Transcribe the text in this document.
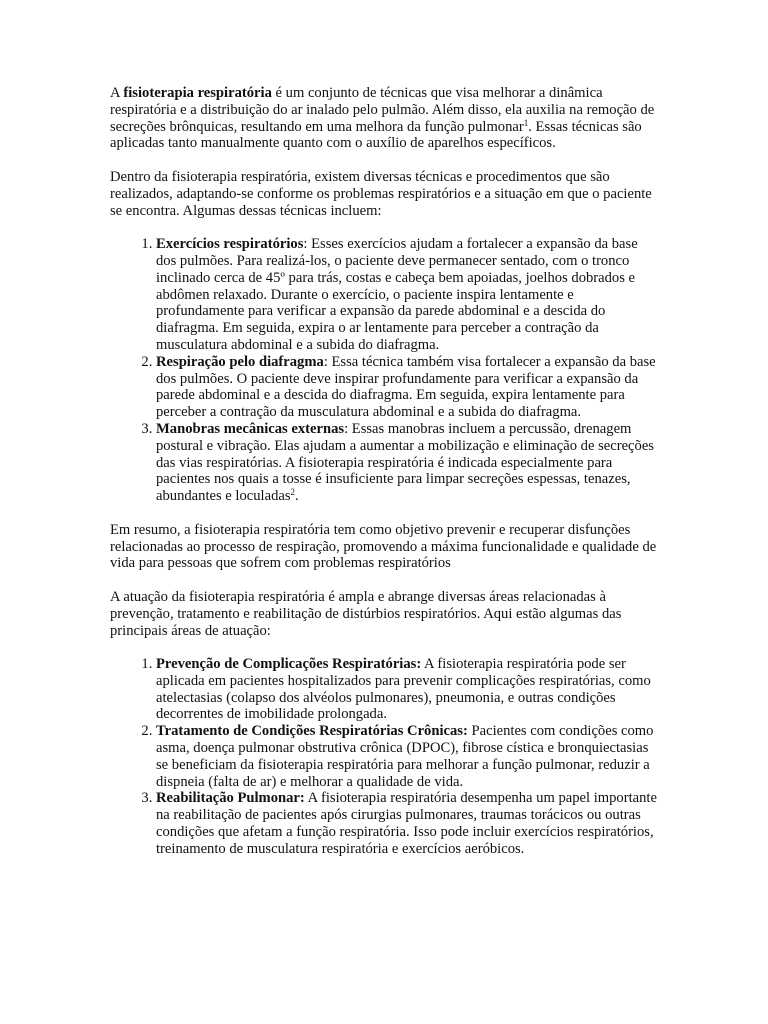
A fisioterapia respiratória é um conjunto de técnicas que visa melhorar a dinâmica respiratória e a distribuição do ar inalado pelo pulmão. Além disso, ela auxilia na remoção de secreções brônquicas, resultando em uma melhora da função pulmonar$^1$. Essas técnicas são aplicadas tanto manualmente quanto com o auxílio de aparelhos específicos.

Dentro da fisioterapia respiratória, existem diversas técnicas e procedimentos que são realizados, adaptando-se conforme os problemas respiratórios e a situação em que o paciente se encontra. Algumas dessas técnicas incluem:

1. Exercícios respiratórios: Esses exercícios ajudam a fortalecer a expansão da base dos pulmões. Para realizá-los, o paciente deve permanecer sentado, com o tronco inclinado cerca de 45º para trás, costas e cabeça bem apoiadas, joelhos dobrados e abdômen relaxado. Durante o exercício, o paciente inspira lentamente e profundamente para verificar a expansão da parede abdominal e a descida do diafragma. Em seguida, expira o ar lentamente para perceber a contração da musculatura abdominal e a subida do diafragma.
2. Respiração pelo diafragma: Essa técnica também visa fortalecer a expansão da base dos pulmões. O paciente deve inspirar profundamente para verificar a expansão da parede abdominal e a descida do diafragma. Em seguida, expira lentamente para perceber a contração da musculatura abdominal e a subida do diafragma.
3. Manobras mecânicas externas: Essas manobras incluem a percussão, drenagem postural e vibração. Elas ajudam a aumentar a mobilização e eliminação de secreções das vias respiratórias. A fisioterapia respiratória é indicada especialmente para pacientes nos quais a tosse é insuficiente para limpar secreções espessas, tenazes, abundantes e loculadas$^2$.

Em resumo, a fisioterapia respiratória tem como objetivo prevenir e recuperar disfunções relacionadas ao processo de respiração, promovendo a máxima funcionalidade e qualidade de vida para pessoas que sofrem com problemas respiratórios

A atuação da fisioterapia respiratória é ampla e abrange diversas áreas relacionadas à prevenção, tratamento e reabilitação de distúrbios respiratórios. Aqui estão algumas das principais áreas de atuação:

1. Prevenção de Complicações Respiratórias: A fisioterapia respiratória pode ser aplicada em pacientes hospitalizados para prevenir complicações respiratórias, como atelectasias (colapso dos alvéolos pulmonares), pneumonia, e outras condições decorrentes de imobilidade prolongada.
2. Tratamento de Condições Respiratórias Crônicas: Pacientes com condições como asma, doença pulmonar obstrutiva crônica (DPOC), fibrose cística e bronquiectasias se beneficiam da fisioterapia respiratória para melhorar a função pulmonar, reduzir a dispneia (falta de ar) e melhorar a qualidade de vida.
3. Reabilitação Pulmonar: A fisioterapia respiratória desempenha um papel importante na reabilitação de pacientes após cirurgias pulmonares, traumas torácicos ou outras condições que afetam a função respiratória. Isso pode incluir exercícios respiratórios, treinamento de musculatura respiratória e exercícios aeróbicos.
